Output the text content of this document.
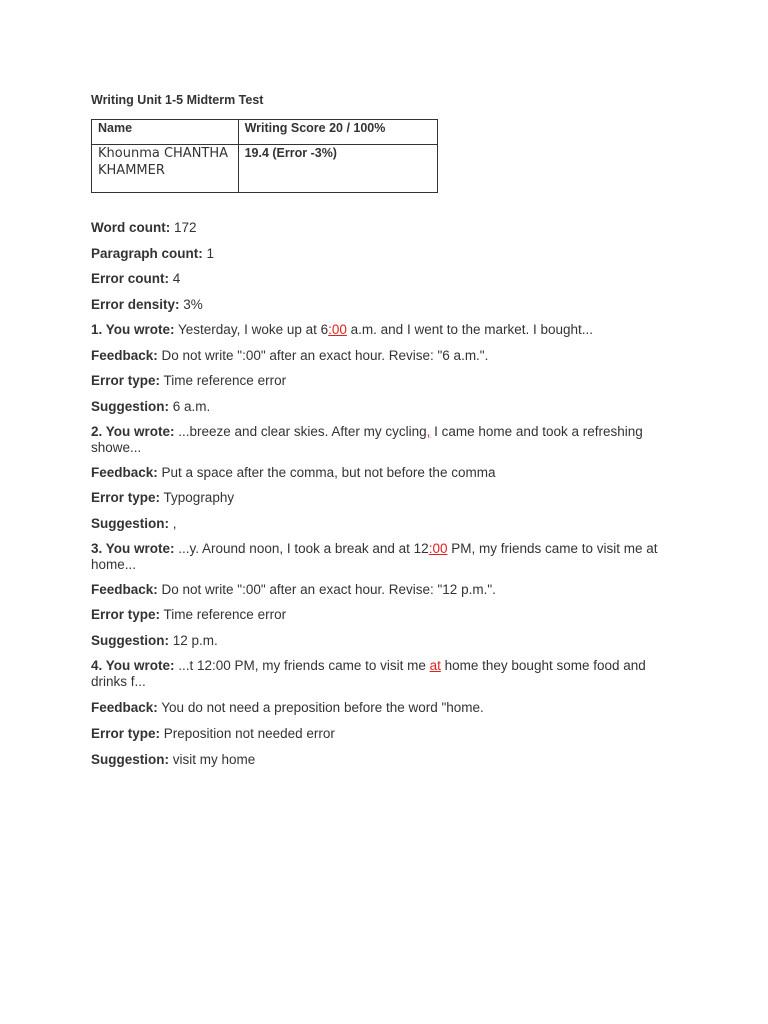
Writing Unit 1-5 Midterm Test
Name	Writing Score 20 / 100%

Khounma CHANTHAKHAMMER	19.4 (Error -3%)

Word count: 172

Paragraph count: 1

Error count: 4

Error density: 3%

1. You wrote: Yesterday, I woke up at 6:00 a.m. and I went to the market. I bought...

Feedback: Do not write ":00" after an exact hour. Revise: "6 a.m.".

Error type: Time reference error

Suggestion: 6 a.m.

2. You wrote: ...breeze and clear skies. After my cycling, I came home and took a refreshing showe...

Feedback: Put a space after the comma, but not before the comma

Error type: Typography

Suggestion: ,

3. You wrote: ...y. Around noon, I took a break and at 12:00 PM, my friends came to visit me at home...

Feedback: Do not write ":00" after an exact hour. Revise: "12 p.m.".

Error type: Time reference error

Suggestion: 12 p.m.

4. You wrote: ...t 12:00 PM, my friends came to visit me at home they bought some food and drinks f...

Feedback: You do not need a preposition before the word "home.

Error type: Preposition not needed error

Suggestion: visit my home
